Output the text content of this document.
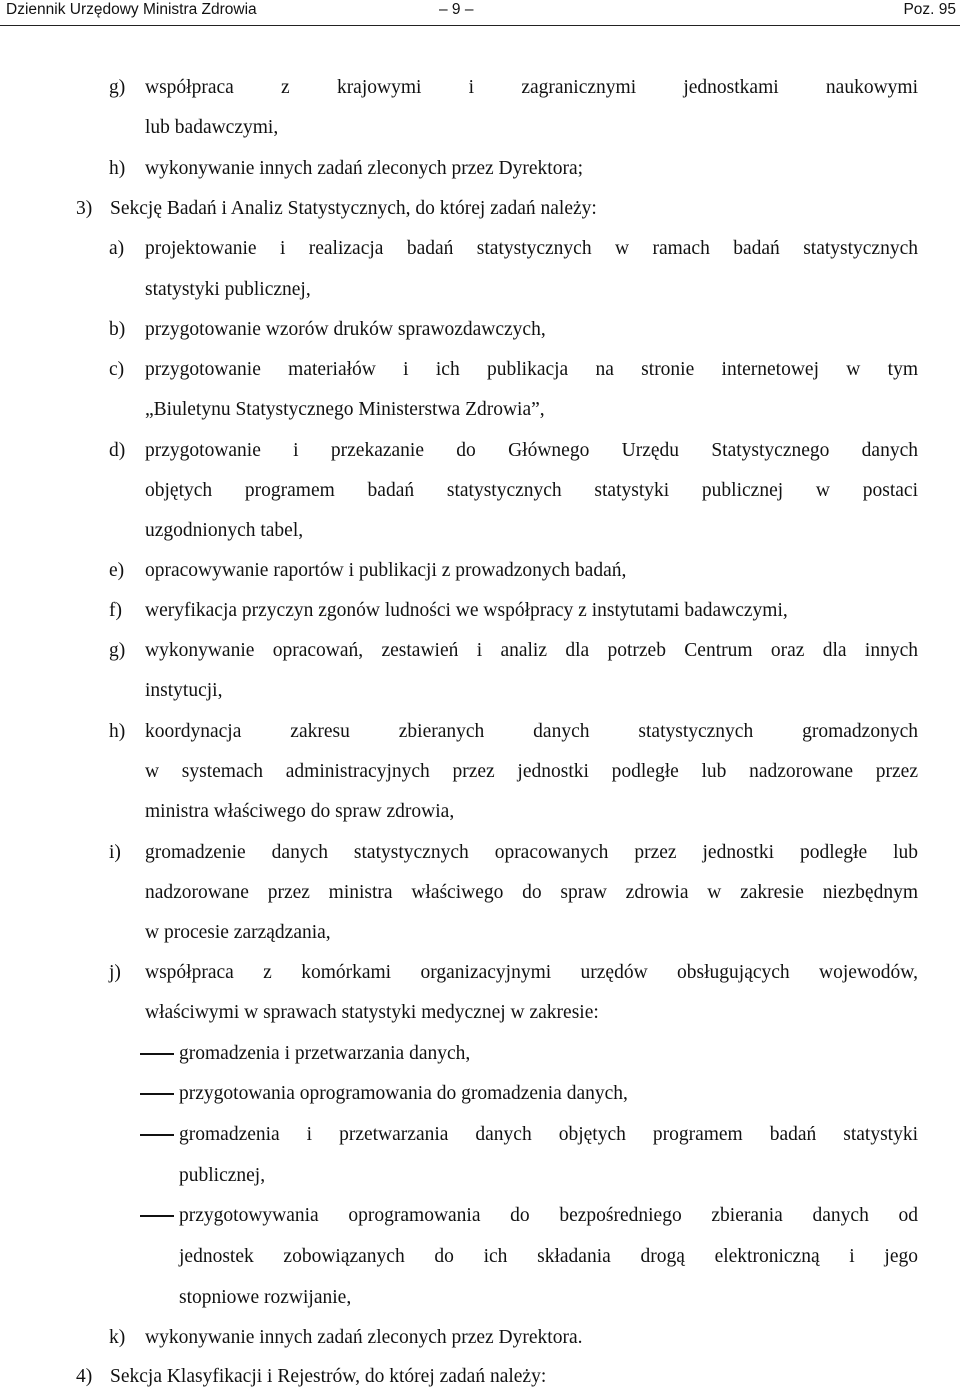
Dziennik Urzędowy Ministra Zdrowia	– 9 –	Poz. 95
g) współpraca z krajowymi i zagranicznymi jednostkami naukowymi
lub badawczymi,
h) wykonywanie innych zadań zleconych przez Dyrektora;
3) Sekcję Badań i Analiz Statystycznych, do której zadań należy:
a) projektowanie i realizacja badań statystycznych w ramach badań statystycznych
statystyki publicznej,
b) przygotowanie wzorów druków sprawozdawczych,
c) przygotowanie materiałów i ich publikacja na stronie internetowej w tym
„Biuletynu Statystycznego Ministerstwa Zdrowia”,
d) przygotowanie i przekazanie do Głównego Urzędu Statystycznego danych
objętych programem badań statystycznych statystyki publicznej w postaci
uzgodnionych tabel,
e) opracowywanie raportów i publikacji z prowadzonych badań,
f) weryfikacja przyczyn zgonów ludności we współpracy z instytutami badawczymi,
g) wykonywanie opracowań, zestawień i analiz dla potrzeb Centrum oraz dla innych
instytucji,
h) koordynacja zakresu zbieranych danych statystycznych gromadzonych
w systemach administracyjnych przez jednostki podległe lub nadzorowane przez
ministra właściwego do spraw zdrowia,
i) gromadzenie danych statystycznych opracowanych przez jednostki podległe lub
nadzorowane przez ministra właściwego do spraw zdrowia w zakresie niezbędnym
w procesie zarządzania,
j) współpraca z komórkami organizacyjnymi urzędów obsługujących wojewodów,
właściwymi w sprawach statystyki medycznej w zakresie:
gromadzenia i przetwarzania danych,
przygotowania oprogramowania do gromadzenia danych,
gromadzenia i przetwarzania danych objętych programem badań statystyki
publicznej,
przygotowywania oprogramowania do bezpośredniego zbierania danych od
jednostek zobowiązanych do ich składania drogą elektroniczną i jego
stopniowe rozwijanie,
k) wykonywanie innych zadań zleconych przez Dyrektora.
4) Sekcja Klasyfikacji i Rejestrów, do której zadań należy:
